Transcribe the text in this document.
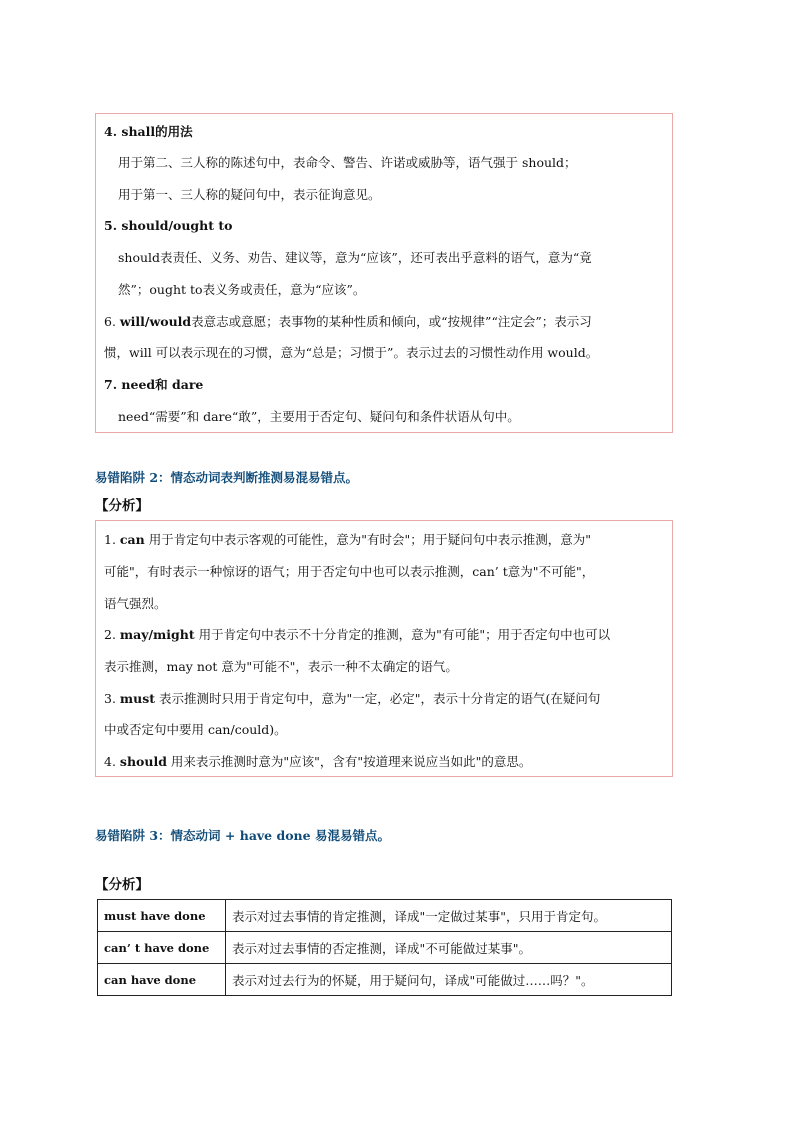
4. shall的用法
用于第二、三人称的陈述句中，表命令、警告、许诺或威胁等，语气强于 should；
用于第一、三人称的疑问句中，表示征询意见。
5. should/ought to
should表责任、义务、劝告、建议等，意为“应该”，还可表出乎意料的语气，意为“竟
然”；ought to表义务或责任，意为“应该”。
6. will/would表意志或意愿；表事物的某种性质和倾向，或“按规律”“注定会”；表示习
惯，will 可以表示现在的习惯，意为“总是；习惯于”。表示过去的习惯性动作用 would。
7. need和 dare
need“需要”和 dare“敢”，主要用于否定句、疑问句和条件状语从句中。
易错陷阱 2：情态动词表判断推测易混易错点。
【分析】
1. can 用于肯定句中表示客观的可能性，意为"有时会"；用于疑问句中表示推测，意为"
可能"，有时表示一种惊讶的语气；用于否定句中也可以表示推测，can’ t意为"不可能"，
语气强烈。
2. may/might 用于肯定句中表示不十分肯定的推测，意为"有可能"；用于否定句中也可以
表示推测，may not 意为"可能不"，表示一种不太确定的语气。
3. must 表示推测时只用于肯定句中，意为"一定，必定"，表示十分肯定的语气(在疑问句
中或否定句中要用 can/could)。
4. should 用来表示推测时意为"应该"，含有"按道理来说应当如此"的意思。
易错陷阱 3：情态动词 + have done 易混易错点。
【分析】
must have done	表示对过去事情的肯定推测，译成"一定做过某事"，只用于肯定句。
can’ t have done	表示对过去事情的否定推测，译成"不可能做过某事"。
can have done	表示对过去行为的怀疑，用于疑问句，译成"可能做过……吗？"。
